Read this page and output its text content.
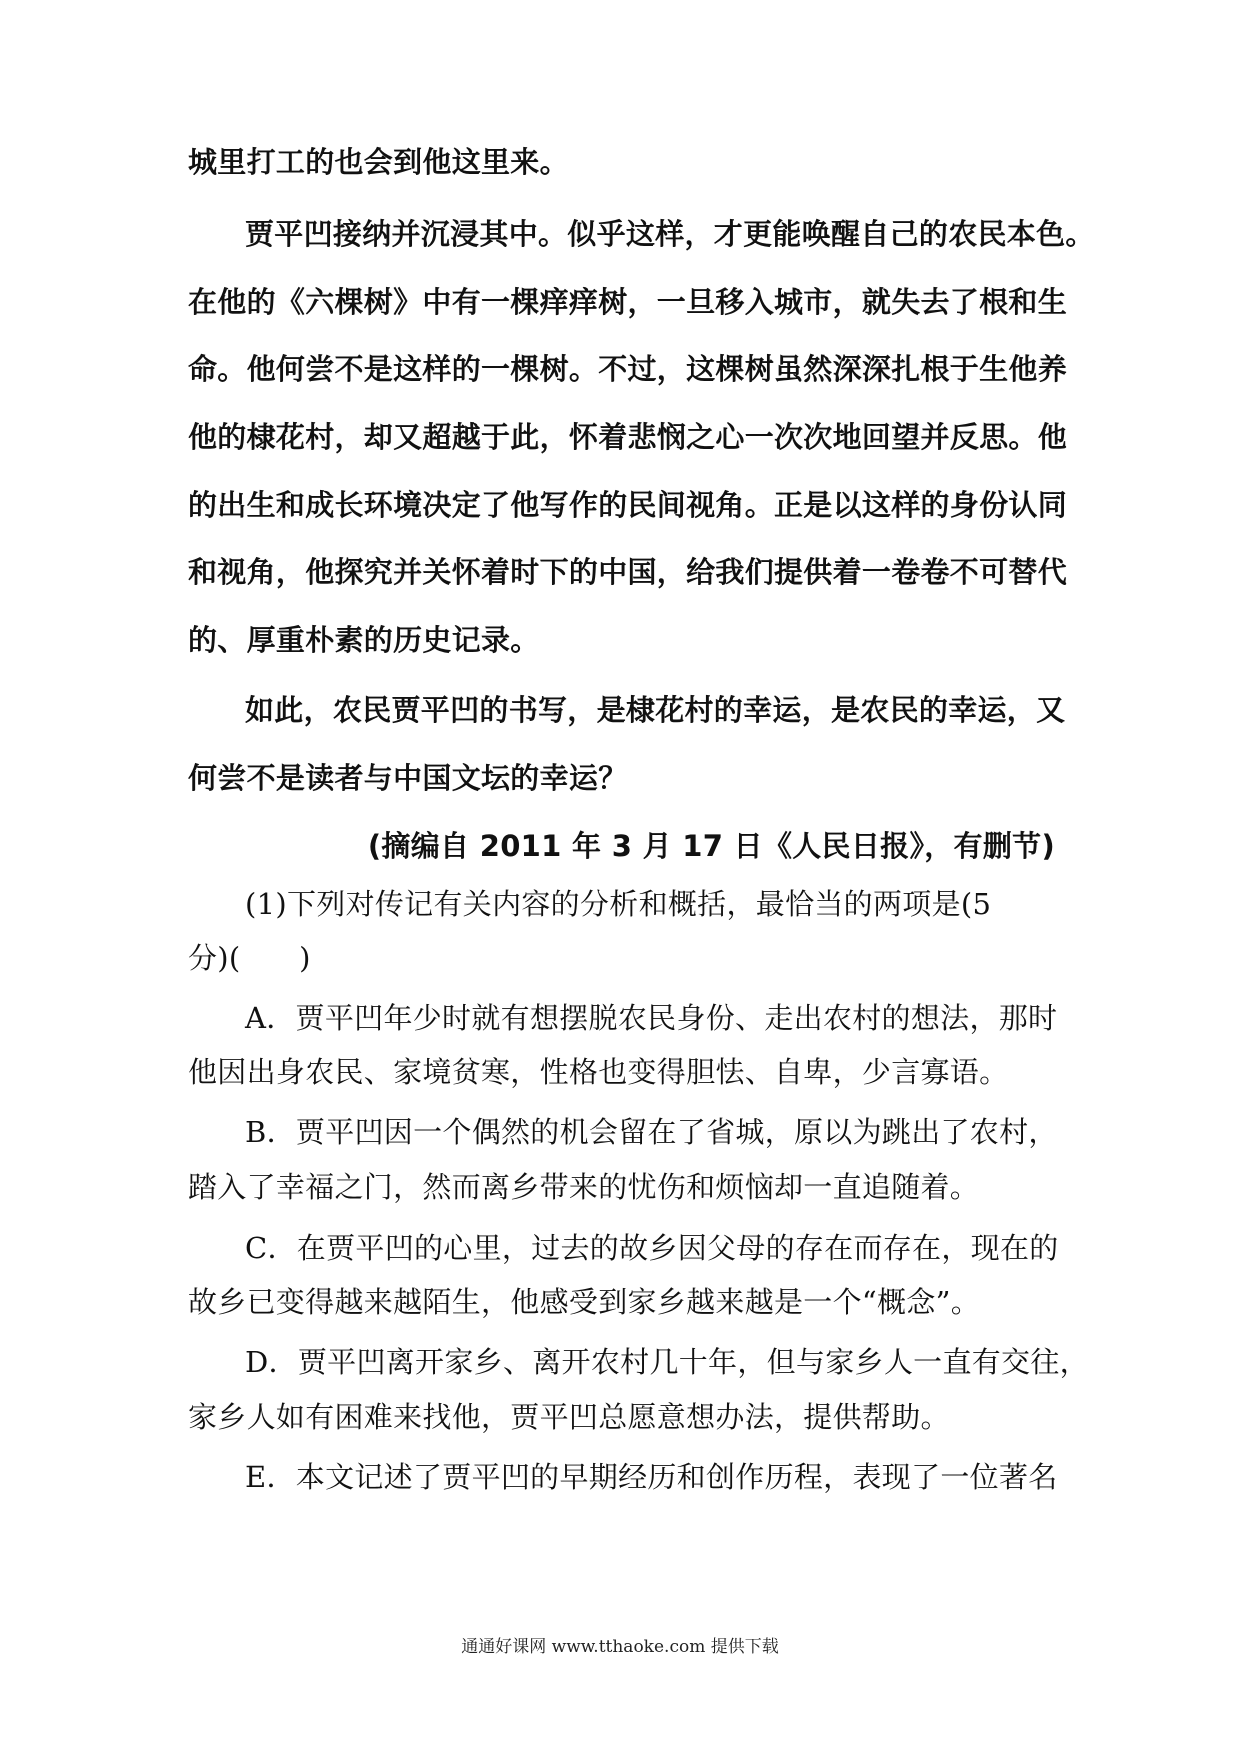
城里打工的也会到他这里来。
贾平凹接纳并沉浸其中。似乎这样，才更能唤醒自己的农民本色。
在他的《六棵树》中有一棵痒痒树，一旦移入城市，就失去了根和生
命。他何尝不是这样的一棵树。不过，这棵树虽然深深扎根于生他养
他的棣花村，却又超越于此，怀着悲悯之心一次次地回望并反思。他
的出生和成长环境决定了他写作的民间视角。正是以这样的身份认同
和视角，他探究并关怀着时下的中国，给我们提供着一卷卷不可替代
的、厚重朴素的历史记录。
如此，农民贾平凹的书写，是棣花村的幸运，是农民的幸运，又
何尝不是读者与中国文坛的幸运？
(摘编自 2011 年 3 月 17 日《人民日报》，有删节)
(1)下列对传记有关内容的分析和概括，最恰当的两项是(5
分)(　　)
A．贾平凹年少时就有想摆脱农民身份、走出农村的想法，那时
他因出身农民、家境贫寒，性格也变得胆怯、自卑，少言寡语。
B．贾平凹因一个偶然的机会留在了省城，原以为跳出了农村，
踏入了幸福之门，然而离乡带来的忧伤和烦恼却一直追随着。
C．在贾平凹的心里，过去的故乡因父母的存在而存在，现在的
故乡已变得越来越陌生，他感受到家乡越来越是一个“概念”。
D．贾平凹离开家乡、离开农村几十年，但与家乡人一直有交往，
家乡人如有困难来找他，贾平凹总愿意想办法，提供帮助。
E．本文记述了贾平凹的早期经历和创作历程，表现了一位著名
通通好课网 www.tthaoke.com 提供下载
